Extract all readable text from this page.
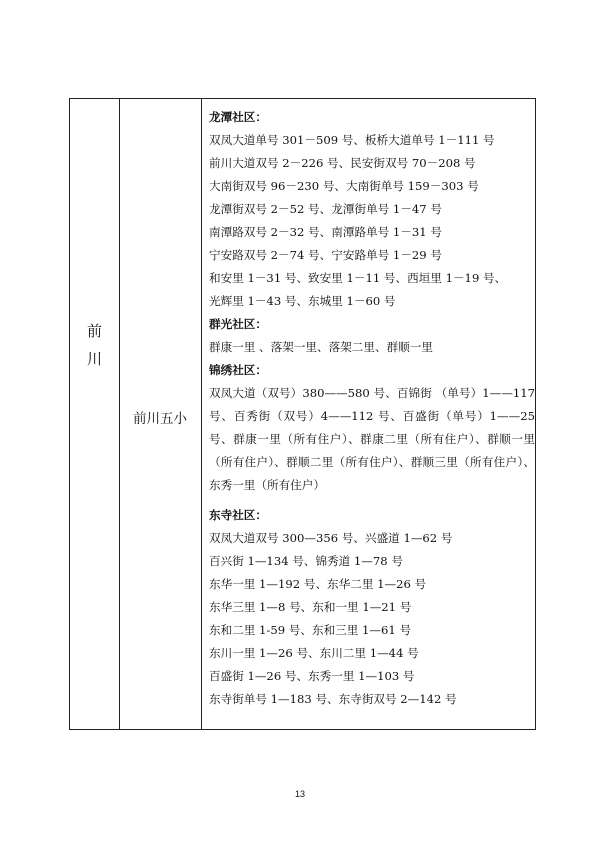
前
川
前川五小
龙潭社区：
双凤大道单号 301－509 号、板桥大道单号 1－111 号
前川大道双号 2－226 号、民安街双号 70－208 号
大南街双号 96－230 号、大南街单号 159－303 号
龙潭街双号 2－52 号、龙潭街单号 1－47 号
南潭路双号 2－32 号、南潭路单号 1－31 号
宁安路双号 2－74 号、宁安路单号 1－29 号
和安里 1－31 号、致安里 1－11 号、西垣里 1－19 号、
光辉里 1－43 号、东城里 1－60 号
群光社区：
群康一里 、落架一里、落架二里、群顺一里
锦绣社区：
双凤大道（双号）380——580 号、百锦街 （单号）1——117 号、百秀街（双号）4——112 号、百盛街（单号）1——25 号、群康一里（所有住户）、群康二里（所有住户）、群顺一里（所有住户）、群顺二里（所有住户）、群顺三里（所有住户）、东秀一里（所有住户）
东寺社区：
双凤大道双号 300—356 号、兴盛道 1—62 号
百兴街 1—134 号、锦秀道 1—78 号
东华一里 1—192 号、东华二里 1—26 号
东华三里 1—8 号、东和一里 1—21 号
东和二里 1-59 号、东和三里 1—61 号
东川一里 1—26 号、东川二里 1—44 号
百盛街 1—26 号、东秀一里 1—103 号
东寺街单号 1—183 号、东寺街双号 2—142 号
13
